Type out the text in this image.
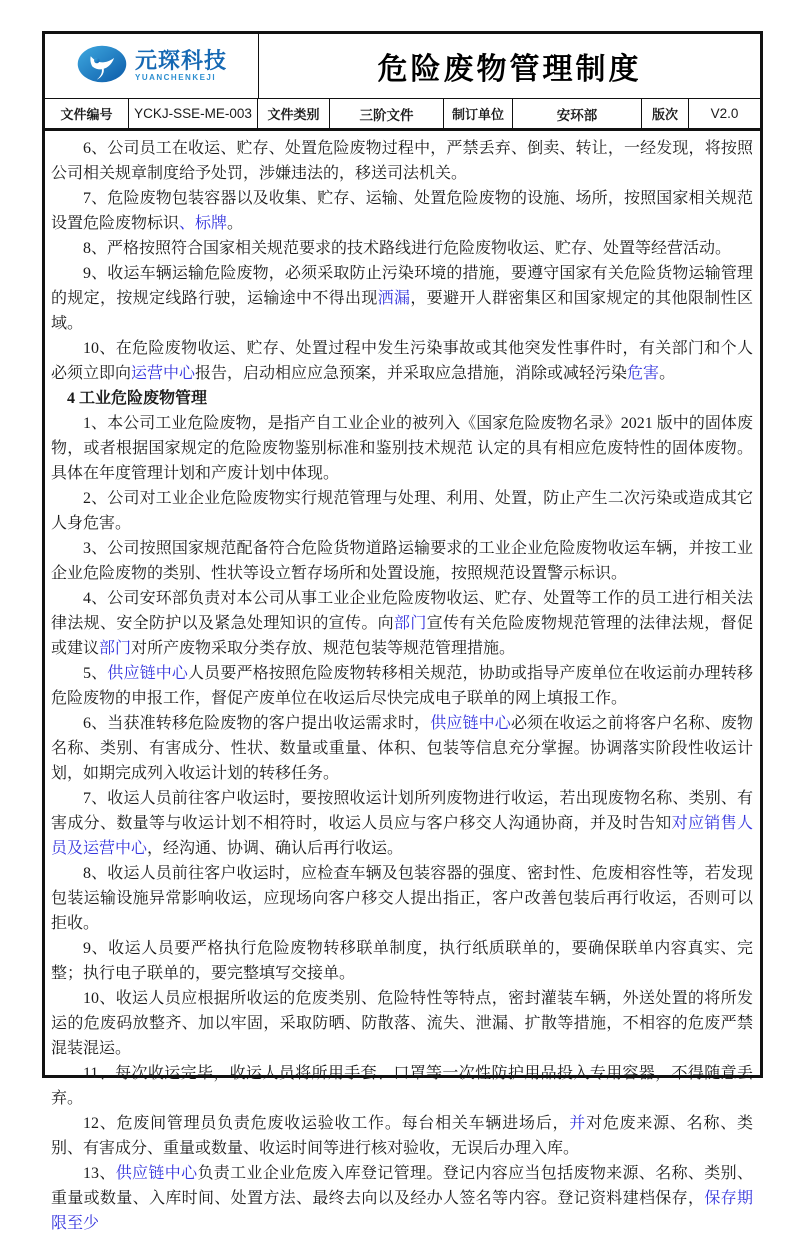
元琛科技
YUANCHENKEJI	危险废物管理制度
文件编号 YCKJ-SSE-ME-003 文件类别	三阶文件	制订单位	安环部	版次 V2.0

6、公司员工在收运、贮存、处置危险废物过程中，严禁丢弃、倒卖、转让，一经发现，将按照公司相关规章制度给予处罚，涉嫌违法的，移送司法机关。

7、危险废物包装容器以及收集、贮存、运输、处置危险废物的设施、场所，按照国家相关规范设置危险废物标识、标牌。

8、严格按照符合国家相关规范要求的技术路线进行危险废物收运、贮存、处置等经营活动。

9、收运车辆运输危险废物，必须采取防止污染环境的措施，要遵守国家有关危险货物运输管理的规定，按规定线路行驶，运输途中不得出现洒漏，要避开人群密集区和国家规定的其他限制性区域。

10、在危险废物收运、贮存、处置过程中发生污染事故或其他突发性事件时，有关部门和个人必须立即向运营中心报告，启动相应应急预案，并采取应急措施，消除或减轻污染危害。

4 工业危险废物管理

1、本公司工业危险废物，是指产自工业企业的被列入《国家危险废物名录》2021 版中的固体废物，或者根据国家规定的危险废物鉴别标准和鉴别技术规范 认定的具有相应危废特性的固体废物。具体在年度管理计划和产废计划中体现。

2、公司对工业企业危险废物实行规范管理与处理、利用、处置，防止产生二次污染或造成其它人身危害。

3、公司按照国家规范配备符合危险货物道路运输要求的工业企业危险废物收运车辆，并按工业企业危险废物的类别、性状等设立暂存场所和处置设施，按照规范设置警示标识。

4、公司安环部负责对本公司从事工业企业危险废物收运、贮存、处置等工作的员工进行相关法律法规、安全防护以及紧急处理知识的宣传。向部门宣传有关危险废物规范管理的法律法规，督促或建议部门对所产废物采取分类存放、规范包装等规范管理措施。

5、供应链中心人员要严格按照危险废物转移相关规范，协助或指导产废单位在收运前办理转移危险废物的申报工作，督促产废单位在收运后尽快完成电子联单的网上填报工作。

6、当获准转移危险废物的客户提出收运需求时，供应链中心必须在收运之前将客户名称、废物名称、类别、有害成分、性状、数量或重量、体积、包装等信息充分掌握。协调落实阶段性收运计划，如期完成列入收运计划的转移任务。

7、收运人员前往客户收运时，要按照收运计划所列废物进行收运，若出现废物名称、类别、有害成分、数量等与收运计划不相符时，收运人员应与客户移交人沟通协商，并及时告知对应销售人员及运营中心，经沟通、协调、确认后再行收运。

8、收运人员前往客户收运时，应检查车辆及包装容器的强度、密封性、危废相容性等，若发现包装运输设施异常影响收运，应现场向客户移交人提出指正，客户改善包装后再行收运，否则可以拒收。

9、收运人员要严格执行危险废物转移联单制度，执行纸质联单的，要确保联单内容真实、完整；执行电子联单的，要完整填写交接单。

10、收运人员应根据所收运的危废类别、危险特性等特点，密封灌装车辆，外送处置的将所发运的危废码放整齐、加以牢固，采取防晒、防散落、流失、泄漏、扩散等措施，不相容的危废严禁混装混运。

11、每次收运完毕，收运人员将所用手套、口罩等一次性防护用品投入专用容器，不得随意丢弃。

12、危废间管理员负责危废收运验收工作。每台相关车辆进场后，并对危废来源、名称、类别、有害成分、重量或数量、收运时间等进行核对验收，无误后办理入库。

13、供应链中心负责工业企业危废入库登记管理。登记内容应当包括废物来源、名称、类别、重量或数量、入库时间、处置方法、最终去向以及经办人签名等内容。登记资料建档保存，保存期限至少
